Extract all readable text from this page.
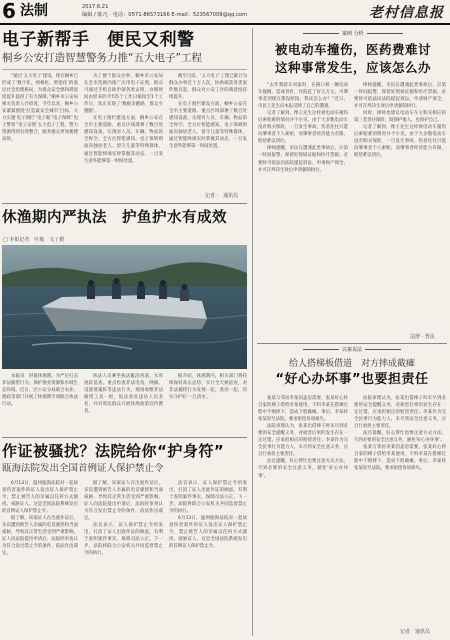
6 法制	2017.6.21
编辑 / 陈凡 · 电话：0571-86573166 E-mail：523567009@qq.com	老村信息报
电子新帮手　便民又利警
桐乡公安打造智慧警务力推“五大电子”工程

“通过‘五大电子’建设，现在桐乡已形成了‘数字化、网格化、智能化’的基层社会治理格局，为群众安全感和满意度提升提供了有力保障。”桐乡市公安局相关负责人介绍说，今年以来，桐乡公安紧紧围绕‘打造最安全城市’目标，大力实施‘电子围栏’‘电子眼’‘电子保姆’‘电子警察’‘电子证照’五大电子工程，警力资源得到有效整合，服务群众更加便捷高效。

为了便于群众办事，桐乡市公安局在全市范围内推广应用电子证照，群众可通过手机自助申领各类证照，办理时间由原来的平均5个工作日缩短至1个工作日，真正实现了‘数据多跑路，群众少跑腿’。

在电子围栏建设方面，桐乡公安在全市主要道路、重点区域部署了数百处感知设备，实现对人员、车辆、物品的全时空、全方位智能感知。电子保姆则面向独居老人、留守儿童等特殊群体，通过智能终端实时掌握其动态，一旦发生意外能够第一时间处置。

截至目前，‘五大电子’工程已累计为群众办事近十万人次，协助破获各类案件数百起，群众对公安工作的满意度持续提升。

在电子围栏建设方面，桐乡公安在全市主要道路、重点区域部署了数百处感知设备，实现对人员、车辆、物品的全时空、全方位智能感知。电子保姆则面向独居老人、留守儿童等特殊群体，通过智能终端实时掌握其动态，一旦发生意外能够第一时间处置。

记者 ·　通讯员
休渔期内严执法　护鱼护水有成效
□ 本报记者　叶敏　文 / 摄

本报讯　时值休渔期，为严厉打击非法捕捞行为，保护渔业资源和水域生态环境，近日，区公安分局联合农业、渔政等部门开展了休渔期专项联合执法行动。

执法人员乘坐执法艇沿河道、水库逐段巡查，重点检查非法电鱼、网捕、设置迷魂阵等违法行为，现场收缴非法捕捞工具一批，依法查处违法人员多名，并对周边群众开展休渔政策宣传教育。

据介绍，休渔期内，相关部门将持续保持高压态势，实行全天候巡查，对非法捕捞行为发现一起、查处一起，切实守护好‘一江清水’。

作证被骚扰？法院给你“护身符”
瓯海法院发出全国首例证人保护禁止令

6月13日，温州瓯海法院对一起故意伤害案件的证人发出证人保护禁止令，禁止被告人的亲属以任何方式骚扰、威胁证人。这是全国法院系统发出的首例证人保护禁止令。

据了解，该案证人在出庭作证后，多次遭到被告人亲属的电话骚扰和当面威胁，导致其正常生活受到严重影响。证人向法院提出申请后，法院经审查认为符合发出禁止令的条件，依法作出裁定。

据了解，该案证人在出庭作证后，多次遭到被告人亲属的电话骚扰和当面威胁，导致其正常生活受到严重影响。证人向法院提出申请后，法院经审查认为符合发出禁止令的条件，依法作出裁定。

法官表示，证人保护禁止令的发出，打消了证人出庭作证的顾虑，有利于查明案件事实，保障司法公正。下一步，法院将联合公安机关共同监督禁止令的执行。

法官表示，证人保护禁止令的发出，打消了证人出庭作证的顾虑，有利于查明案件事实，保障司法公正。下一步，法院将联合公安机关共同监督禁止令的执行。

6月13日，温州瓯海法院对一起故意伤害案件的证人发出证人保护禁止令，禁止被告人的亲属以任何方式骚扰、威胁证人。这是全国法院系统发出的首例证人保护禁止令。

案例 分析
被电动车撞伤，医药费难讨
这种事常发生，应该怎么办

“去年我骑车回家时，在路口被一辆电动车撞倒，造成骨折，住院花了好几万元。可肇事者到现在都没赔钱，我该怎么办？”近日，市民王先生向本报反映了自己的遭遇。

记者了解到，像王先生这样被电动车撞伤后索赔难的情况并不少见。由于大多数电动车没有购买保险，一旦发生事故，伤者往往只能向肇事者个人索赔，而肇事者经济能力有限，赔偿难以到位。

律师提醒，市民在遭遇此类事故后，应第一时间报警，保留好现场证据和医疗票据；必要时可依法向法院提起诉讼，申请财产保全，并可在判决生效后申请强制执行。

律师提醒，市民在遭遇此类事故后，应第一时间报警，保留好现场证据和医疗票据；必要时可依法向法院提起诉讼，申请财产保全，并可在判决生效后申请强制执行。

同时，律师也建议电动车车主购买相应的第三者责任保险，既保护他人，也保护自己。

记者了解到，像王先生这样被电动车撞伤后索赔难的情况并不少见。由于大多数电动车没有购买保险，一旦发生事故，伤者往往只能向肇事者个人索赔，而肇事者经济能力有限，赔偿难以到位。

法律 · 普法
以案说法
给人搭梯板借道　对方摔成截瘫
“好心办坏事”也要担责任

张某与邻居李某因盖房需要，张某好心将自家的梯子借给李某使用，不料李某在搭梯过程中不慎摔下，造成下肢截瘫。事后，李某将张某诉至法院，要求赔偿各项损失。

法院审理认为，张某出借梯子时未尽到必要的安全提醒义务，对损害后果的发生存在一定过错，应承担相应的赔偿责任；李某作为完全民事行为能力人，未尽到安全注意义务，应自行承担主要责任。

法官提醒，好心帮忙也要注意方式方法，尽到必要的安全注意义务，避免‘好心办坏事’。

法院审理认为，张某出借梯子时未尽到必要的安全提醒义务，对损害后果的发生存在一定过错，应承担相应的赔偿责任；李某作为完全民事行为能力人，未尽到安全注意义务，应自行承担主要责任。

法官提醒，好心帮忙也要注意方式方法，尽到必要的安全注意义务，避免‘好心办坏事’。

张某与邻居李某因盖房需要，张某好心将自家的梯子借给李某使用，不料李某在搭梯过程中不慎摔下，造成下肢截瘫。事后，李某将张某诉至法院，要求赔偿各项损失。

记者　通讯员
